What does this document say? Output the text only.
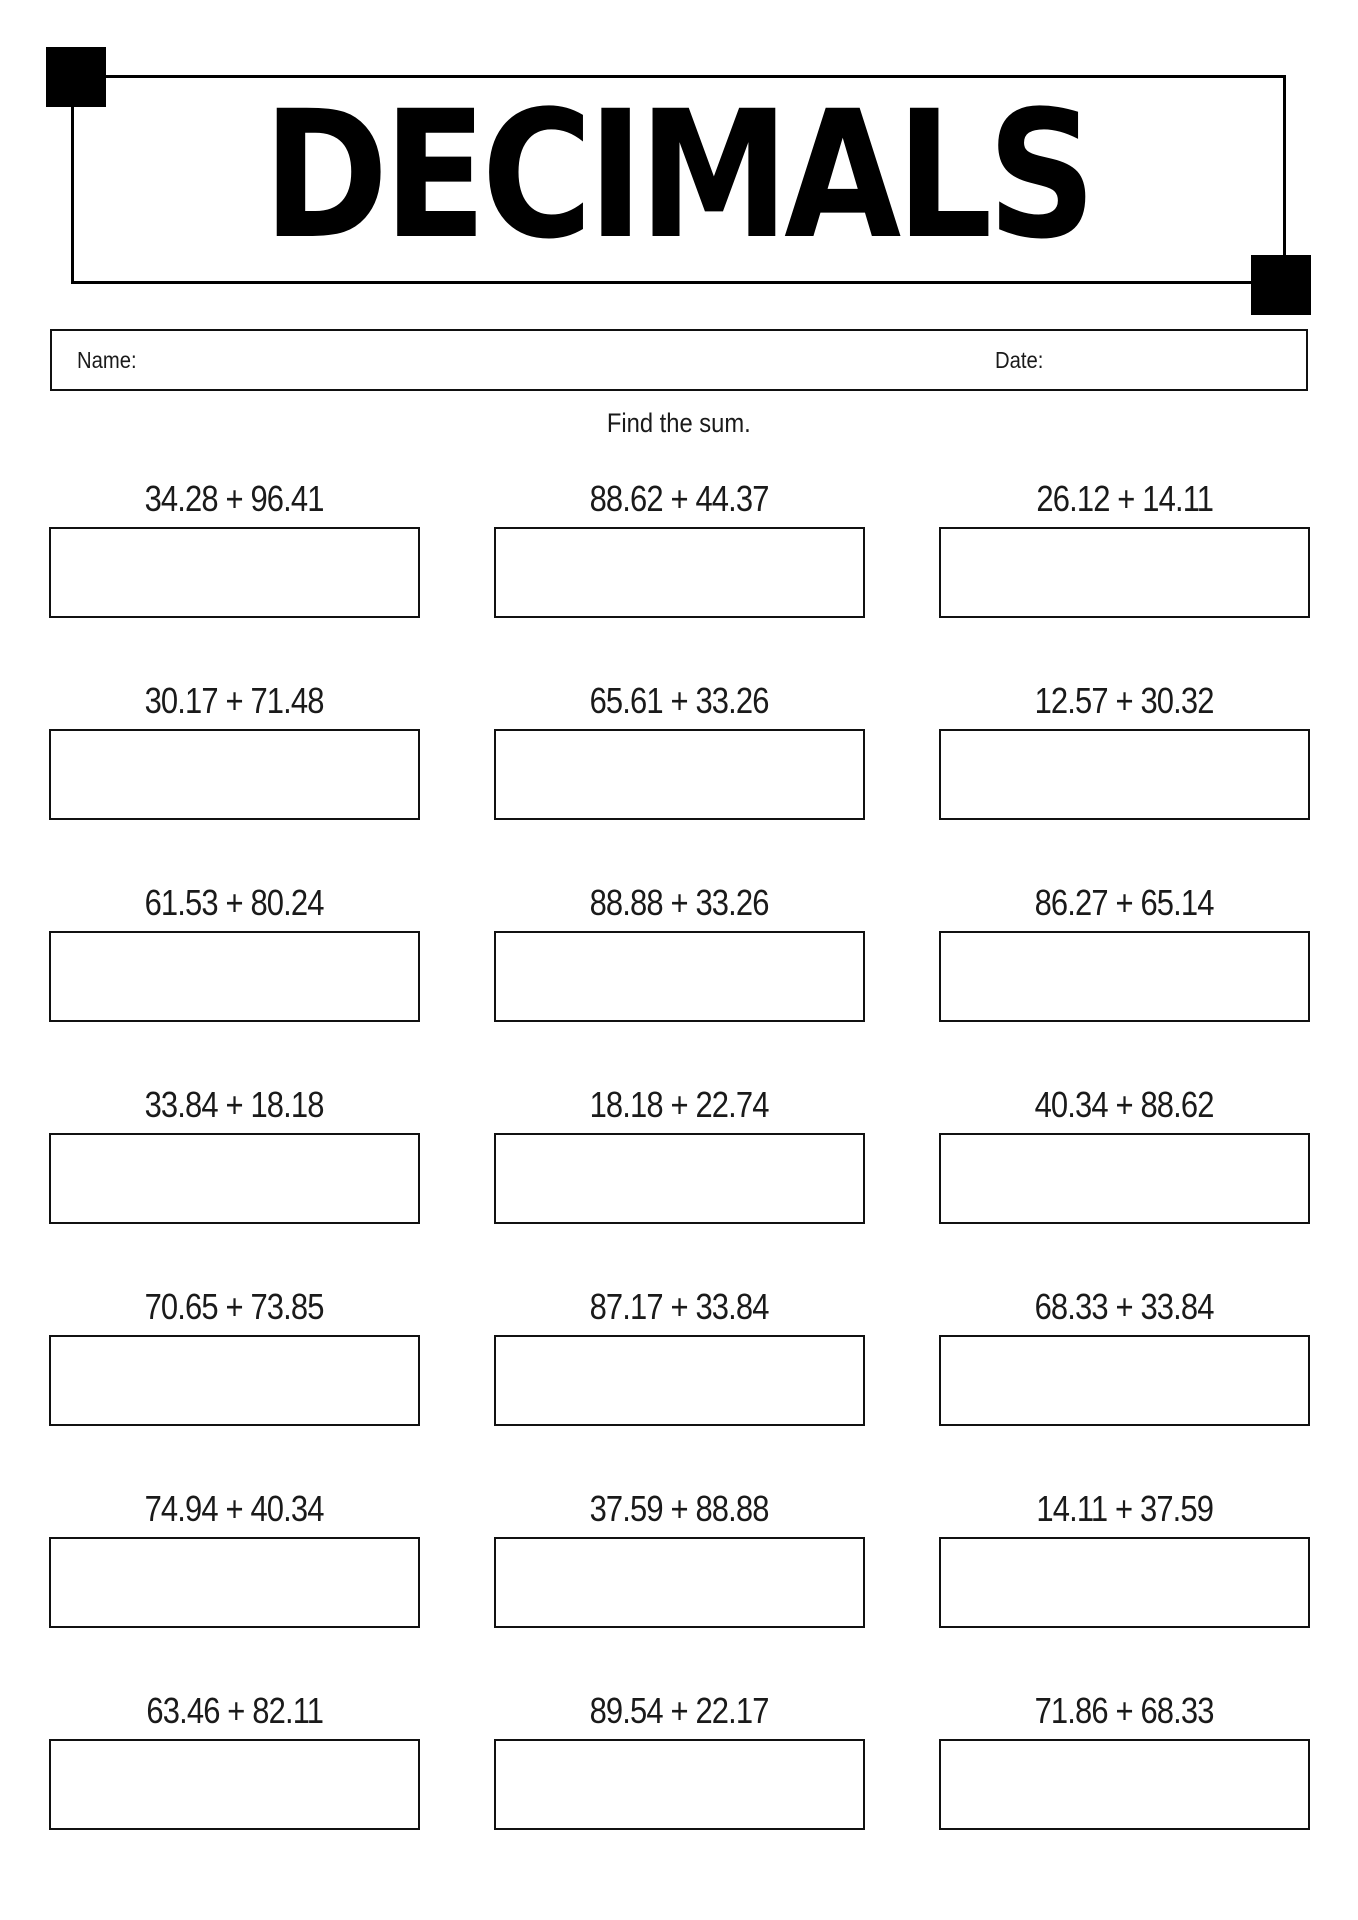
DECIMALS
Name:	Date:
Find the sum.
34.28 + 96.41	88.62 + 44.37	26.12 + 14.11
30.17 + 71.48	65.61 + 33.26	12.57 + 30.32
61.53 + 80.24	88.88 + 33.26	86.27 + 65.14
33.84 + 18.18	18.18 + 22.74	40.34 + 88.62
70.65 + 73.85	87.17 + 33.84	68.33 + 33.84
74.94 + 40.34	37.59 + 88.88	14.11 + 37.59
63.46 + 82.11	89.54 + 22.17	71.86 + 68.33
